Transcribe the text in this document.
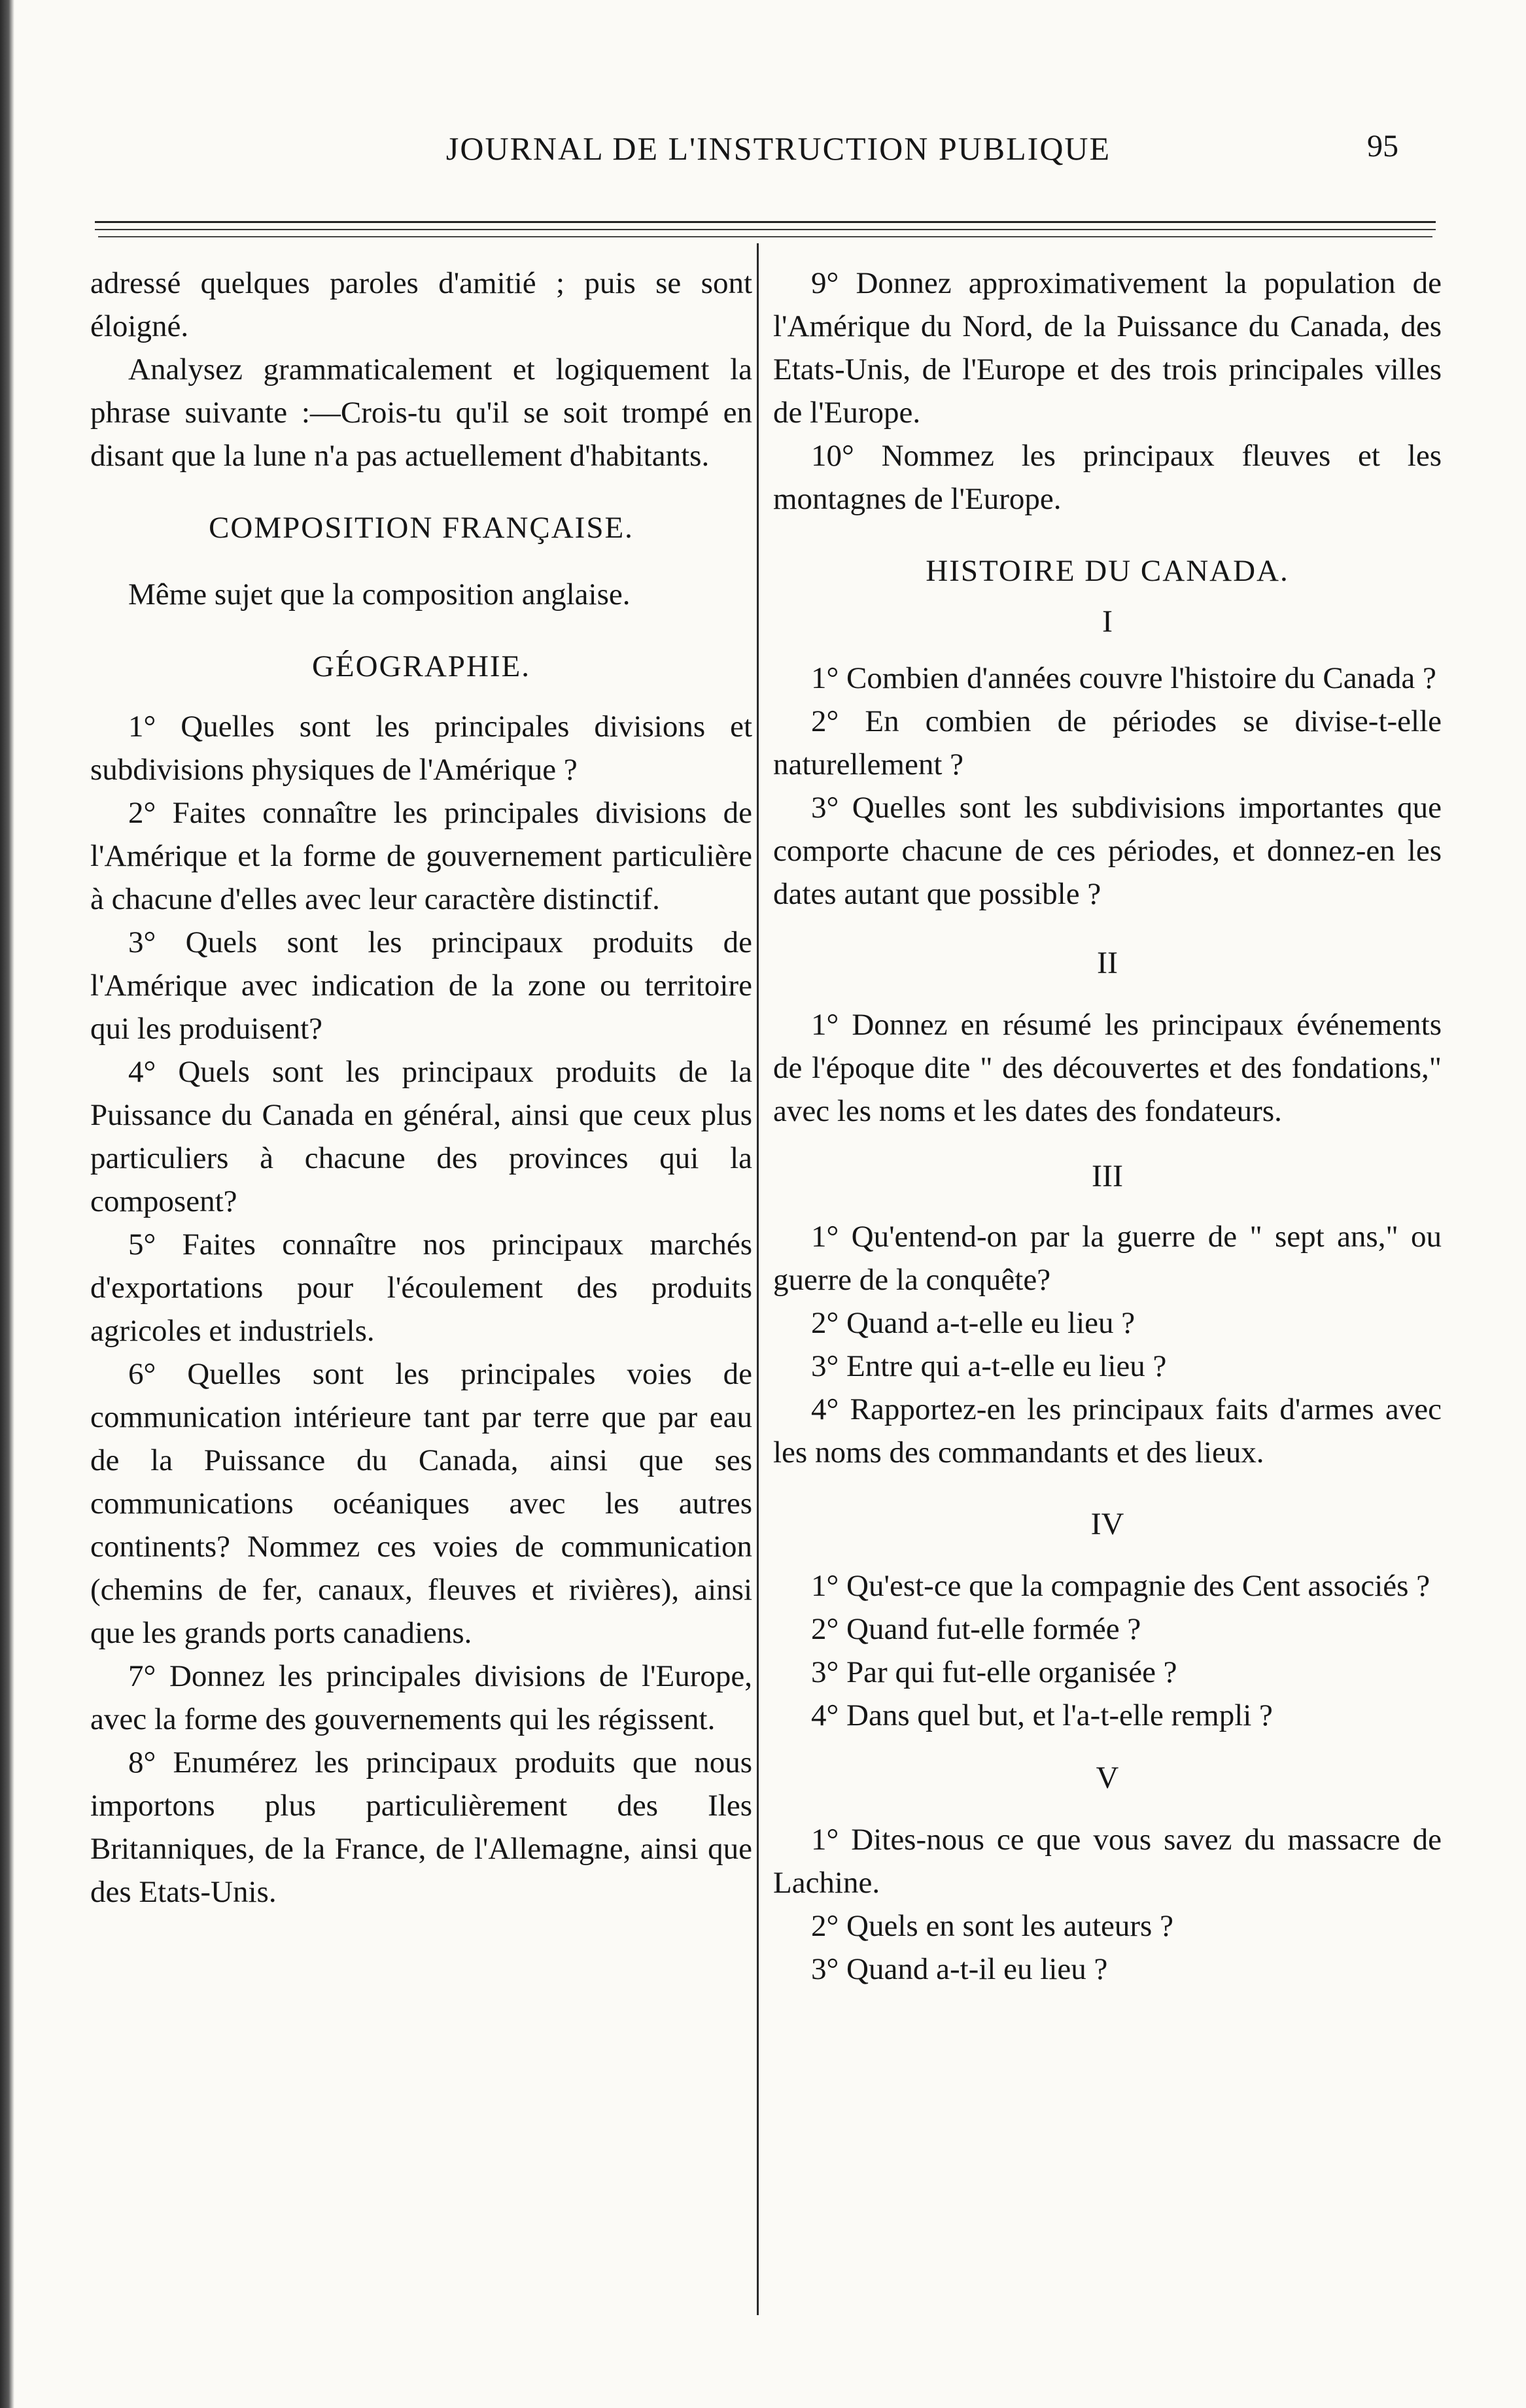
JOURNAL DE L'INSTRUCTION PUBLIQUE	95

adressé quelques paroles d'amitié ; puis se sont éloigné.

Analysez grammaticalement et logiquement la phrase suivante :—Crois-tu qu'il se soit trompé en disant que la lune n'a pas actuellement d'habitants.

COMPOSITION FRANÇAISE.

Même sujet que la composition anglaise.

GÉOGRAPHIE.

1° Quelles sont les principales divisions et subdivisions physiques de l'Amérique ?

2° Faites connaître les principales divisions de l'Amérique et la forme de gouvernement particulière à chacune d'elles avec leur caractère distinctif.

3° Quels sont les principaux produits de l'Amérique avec indication de la zone ou territoire qui les produisent?

4° Quels sont les principaux produits de la Puissance du Canada en général, ainsi que ceux plus particuliers à chacune des provinces qui la composent?

5° Faites connaître nos principaux marchés d'exportations pour l'écoulement des produits agricoles et industriels.

6° Quelles sont les principales voies de communication intérieure tant par terre que par eau de la Puissance du Canada, ainsi que ses communications océaniques avec les autres continents? Nommez ces voies de communication (chemins de fer, canaux, fleuves et rivières), ainsi que les grands ports canadiens.

7° Donnez les principales divisions de l'Europe, avec la forme des gouvernements qui les régissent.

8° Enumérez les principaux produits que nous importons plus particulièrement des Iles Britanniques, de la France, de l'Allemagne, ainsi que des Etats-Unis.

9° Donnez approximativement la population de l'Amérique du Nord, de la Puissance du Canada, des Etats-Unis, de l'Europe et des trois principales villes de l'Europe.

10° Nommez les principaux fleuves et les montagnes de l'Europe.

HISTOIRE DU CANADA.

I

1° Combien d'années couvre l'histoire du Canada ?

2° En combien de périodes se divise-t-elle naturellement ?

3° Quelles sont les subdivisions importantes que comporte chacune de ces périodes, et donnez-en les dates autant que possible ?

II

1° Donnez en résumé les principaux événements de l'époque dite " des découvertes et des fondations," avec les noms et les dates des fondateurs.

III

1° Qu'entend-on par la guerre de " sept ans," ou guerre de la conquête?

2° Quand a-t-elle eu lieu ?

3° Entre qui a-t-elle eu lieu ?

4° Rapportez-en les principaux faits d'armes avec les noms des commandants et des lieux.

IV

1° Qu'est-ce que la compagnie des Cent associés ?

2° Quand fut-elle formée ?

3° Par qui fut-elle organisée ?

4° Dans quel but, et l'a-t-elle rempli ?

V

1° Dites-nous ce que vous savez du massacre de Lachine.

2° Quels en sont les auteurs ?

3° Quand a-t-il eu lieu ?
